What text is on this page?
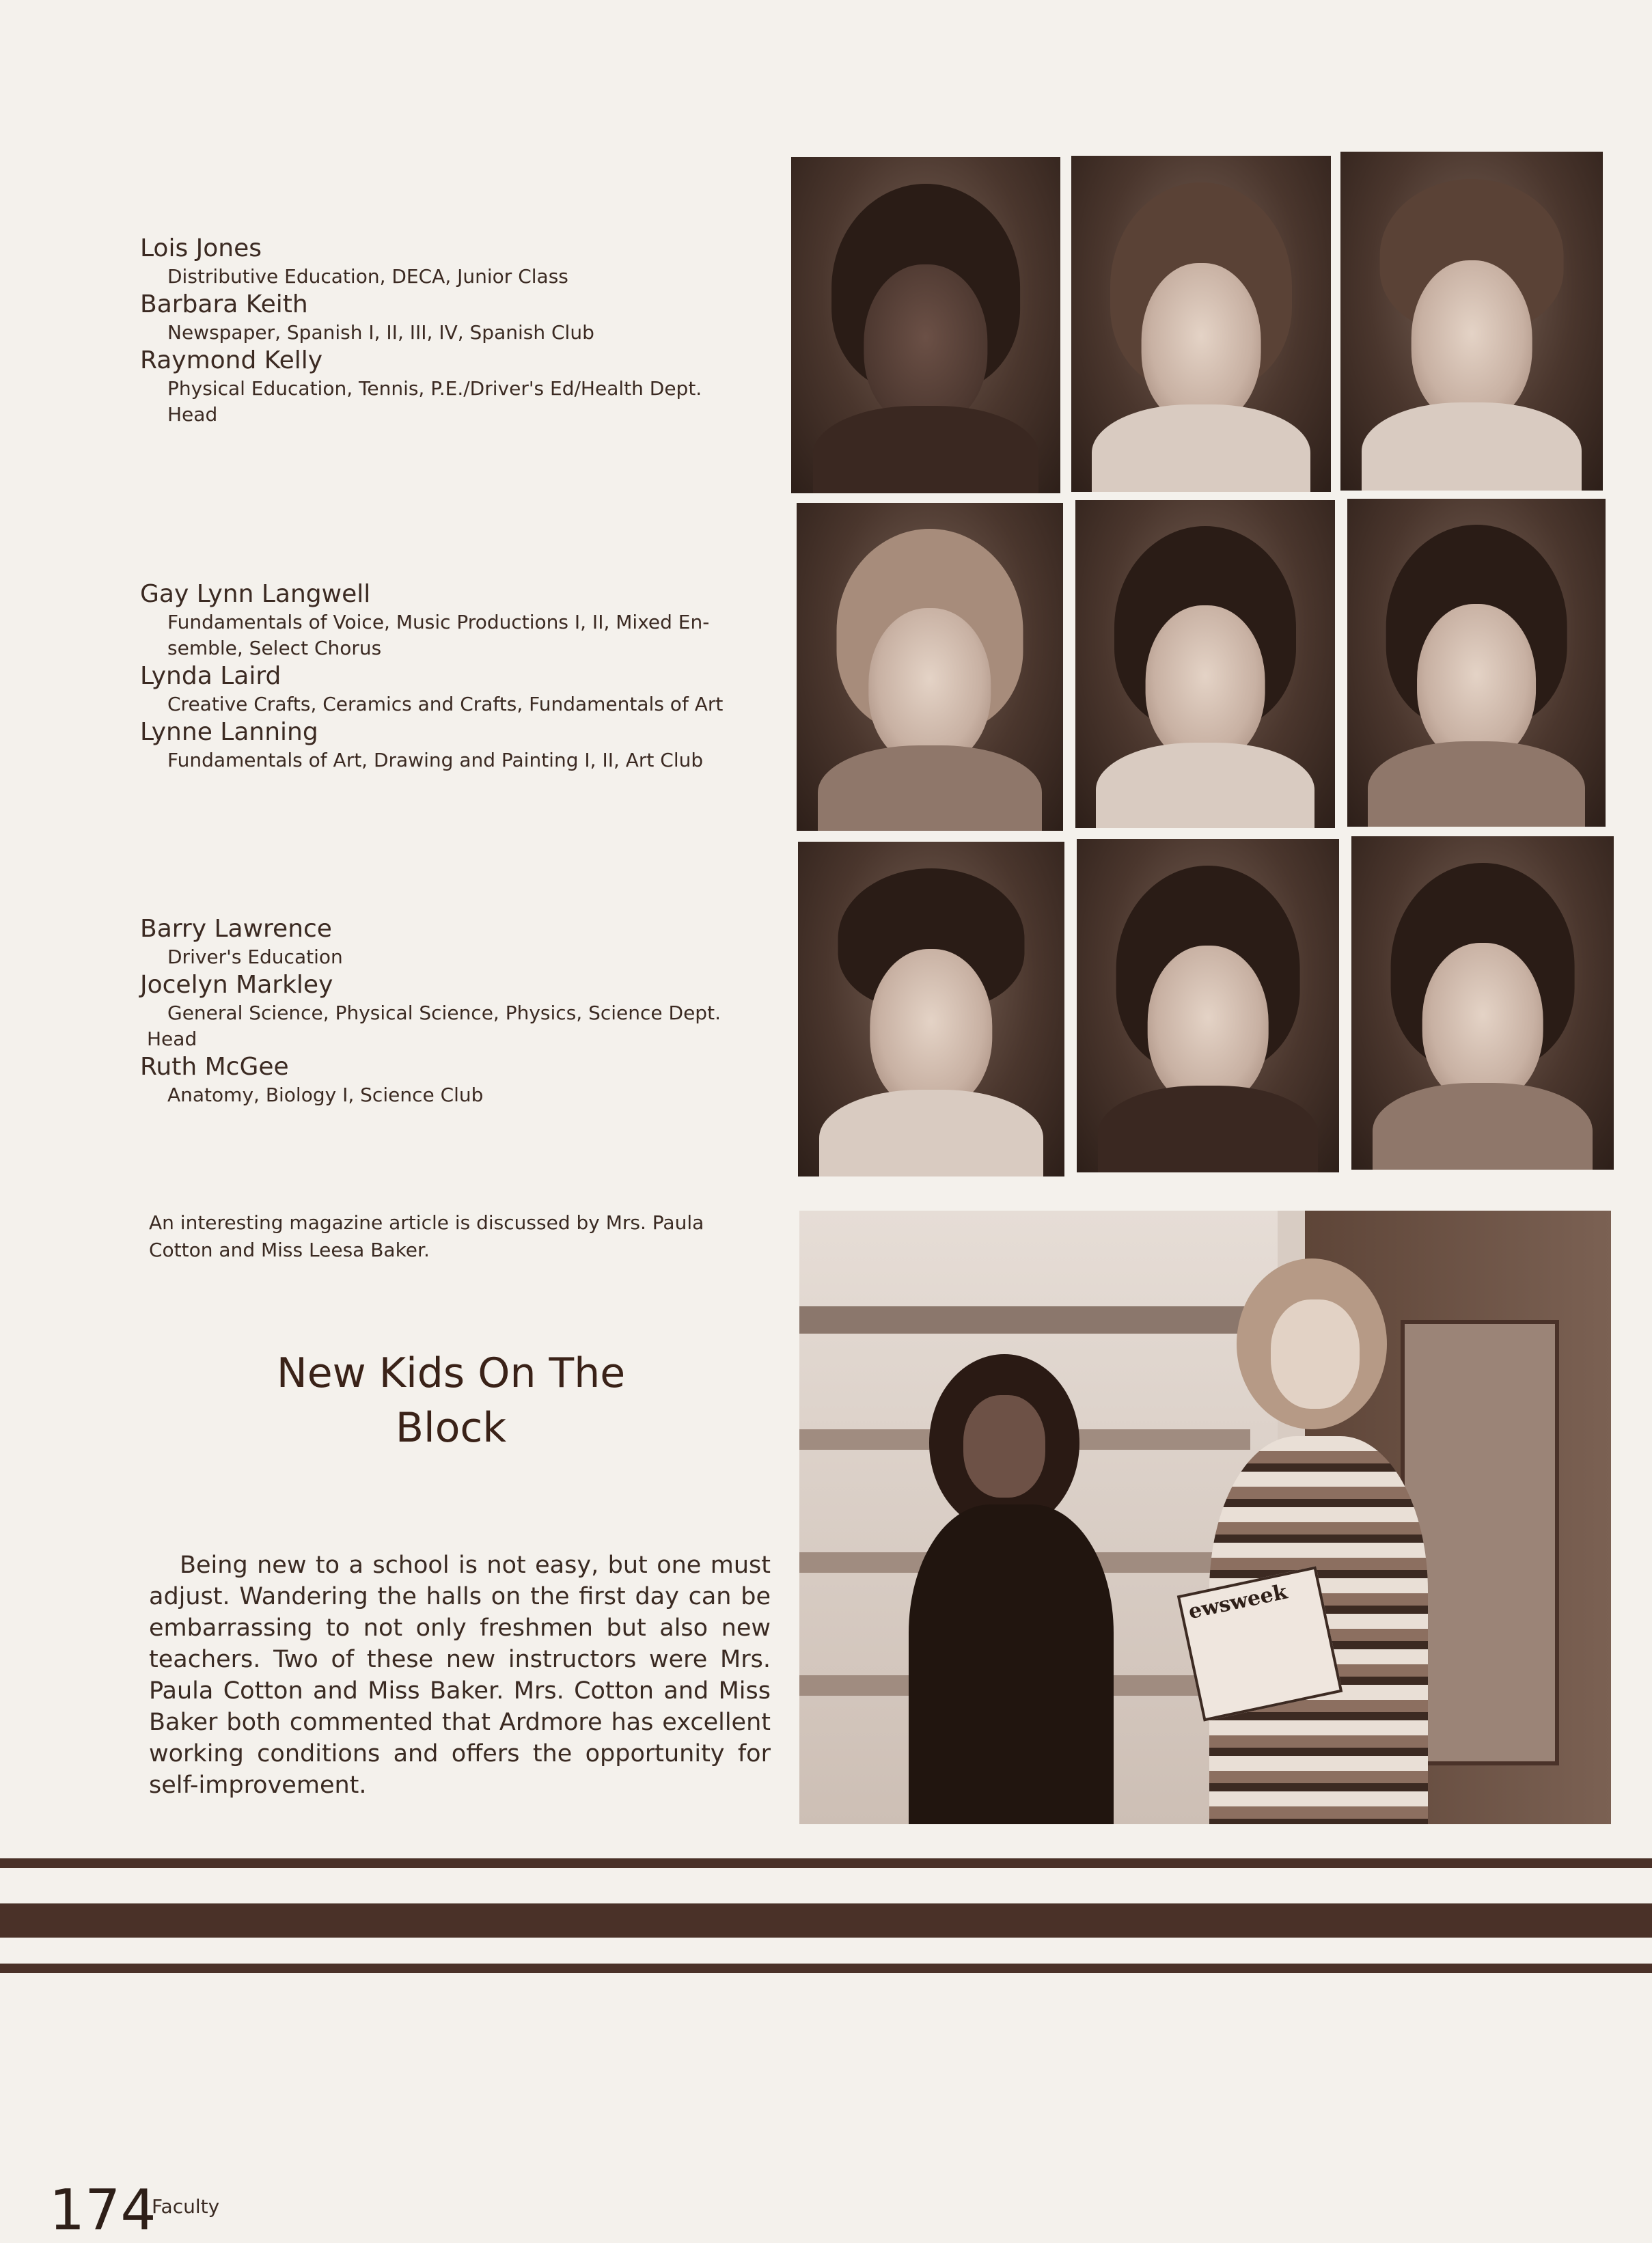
Lois Jones
Distributive Education, DECA, Junior Class
Barbara Keith
Newspaper, Spanish I, II, III, IV, Spanish Club
Raymond Kelly
Physical Education, Tennis, P.E./Driver's Ed/Health Dept.
Head
Gay Lynn Langwell
Fundamentals of Voice, Music Productions I, II, Mixed En-
semble, Select Chorus
Lynda Laird
Creative Crafts, Ceramics and Crafts, Fundamentals of Art
Lynne Lanning
Fundamentals of Art, Drawing and Painting I, II, Art Club
Barry Lawrence
Driver's Education
Jocelyn Markley
General Science, Physical Science, Physics, Science Dept.
Head
Ruth McGee
Anatomy, Biology I, Science Club
ewsweek
An interesting magazine article is discussed by Mrs. Paula Cotton and Miss Leesa Baker.
New Kids On The
Block
Being new to a school is not easy, but one must adjust. Wandering the halls on the first day can be embarrassing to not only freshmen but also new teachers. Two of these new instructors were Mrs. Paula Cotton and Miss Baker. Mrs. Cotton and Miss Baker both commented that Ardmore has excellent working conditions and offers the opportunity for self-improvement.
174
Faculty
